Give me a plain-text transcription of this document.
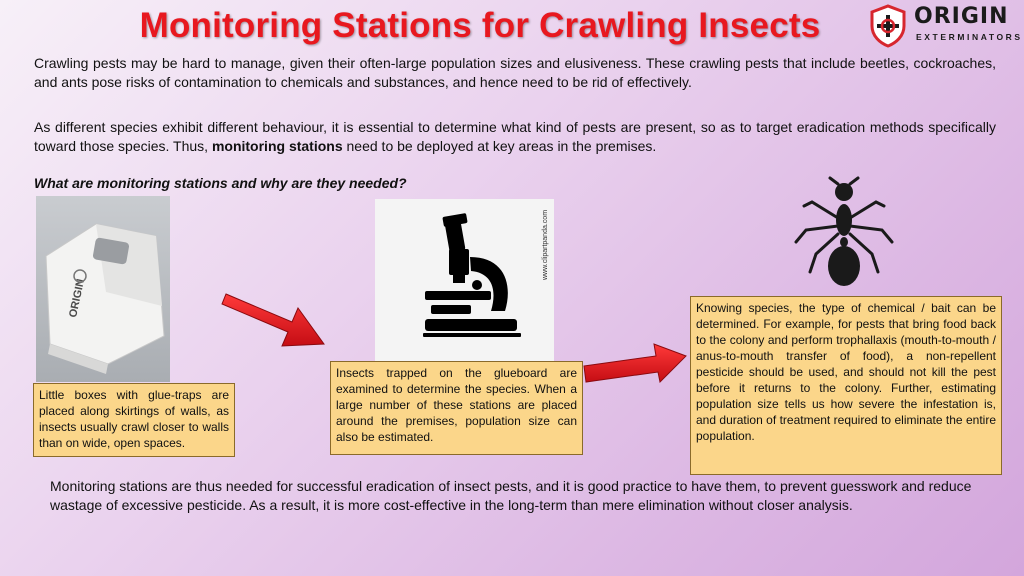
Monitoring Stations for Crawling Insects	ORIGIN
EXTERMINATORS
Crawling pests may be hard to manage, given their often-large population sizes and elusiveness. These crawling pests that include beetles, cockroaches, and ants pose risks of contamination to chemicals and substances, and hence need to be rid of effectively.
As different species exhibit different behaviour, it is essential to determine what kind of pests are present, so as to target eradication methods specifically toward those species. Thus, monitoring stations need to be deployed at key areas in the premises.
What are monitoring stations and why are they needed?
ORIGIN
www.clipartpanda.com
Little boxes with glue-traps are placed along skirtings of walls, as insects usually crawl closer to walls than on wide, open spaces.
Insects trapped on the glueboard are examined to determine the species. When a large number of these stations are placed around the premises, population size can also be estimated.
Knowing species, the type of chemical / bait can be determined. For example, for pests that bring food back to the colony and perform trophallaxis (mouth-to-mouth / anus-to-mouth transfer of food), a non-repellent pesticide should be used, and should not kill the pest before it returns to the colony. Further, estimating population size tells us how severe the infestation is, and duration of treatment required to eliminate the entire population.
Monitoring stations are thus needed for successful eradication of insect pests, and it is good practice to have them, to prevent guesswork and reduce wastage of excessive pesticide. As a result, it is more cost-effective in the long-term than mere elimination without closer analysis.
